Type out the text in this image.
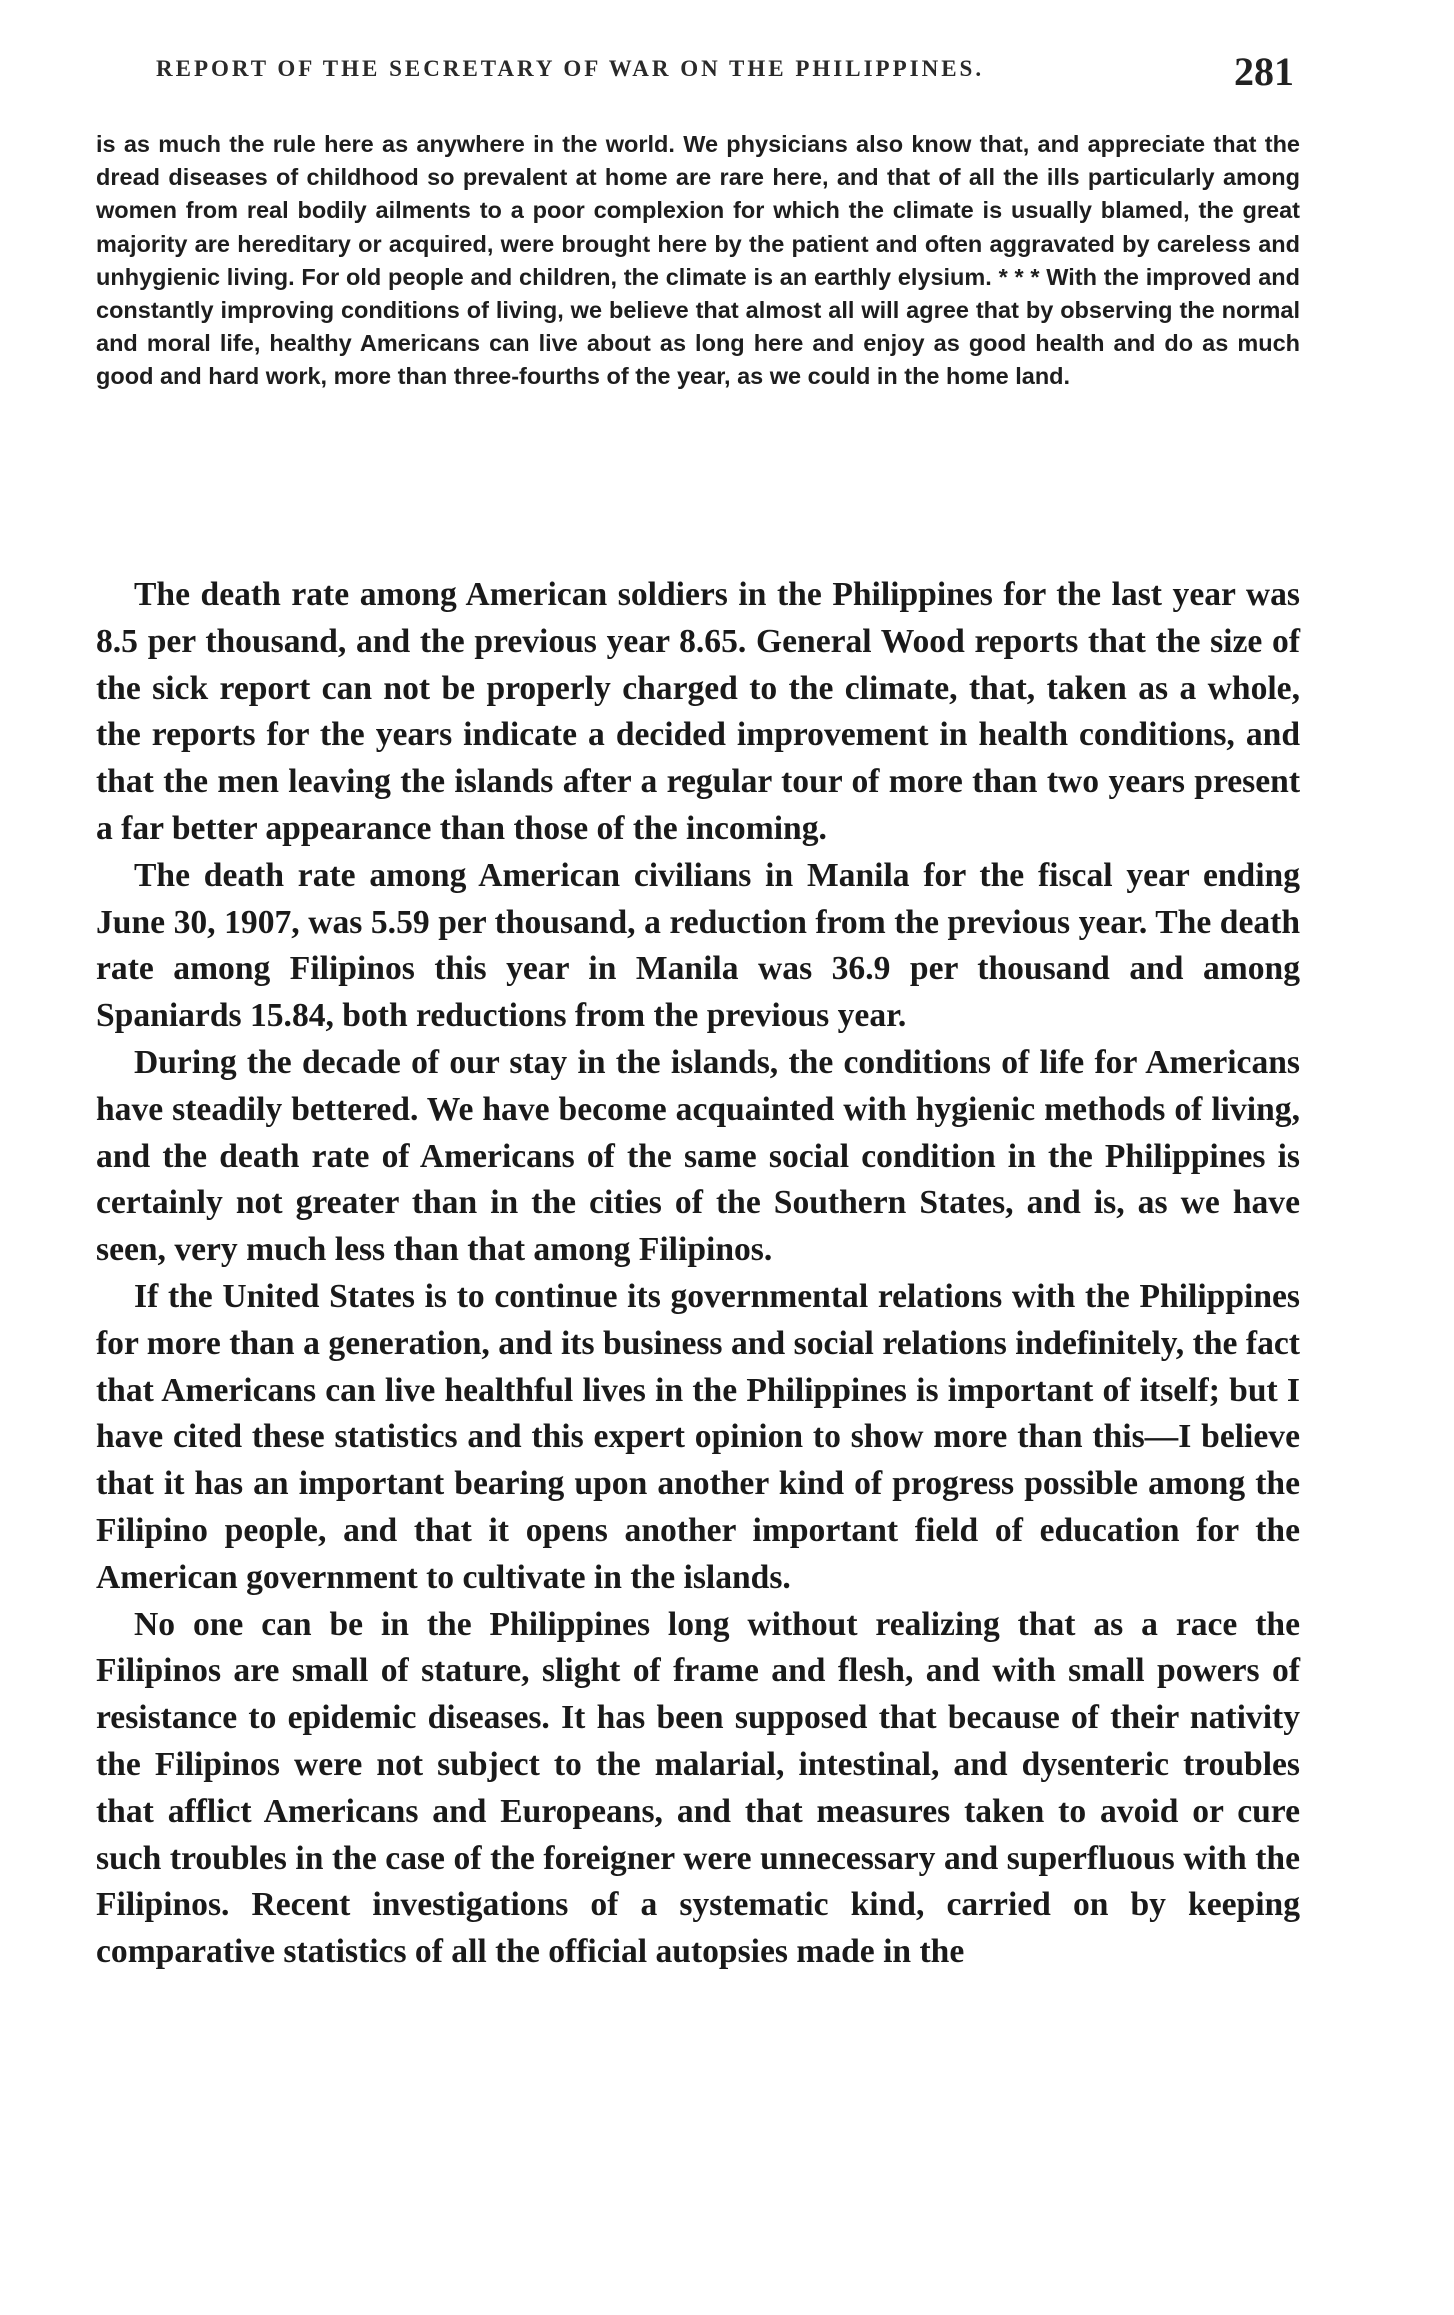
REPORT OF THE SECRETARY OF WAR ON THE PHILIPPINES.	281

is as much the rule here as anywhere in the world. We physicians also know that, and appreciate that the dread diseases of childhood so prevalent at home are rare here, and that of all the ills particularly among women from real bodily ailments to a poor complexion for which the climate is usually blamed, the great majority are hereditary or acquired, were brought here by the patient and often aggravated by careless and unhygienic living. For old people and children, the climate is an earthly elysium. * * * With the improved and constantly improving conditions of living, we believe that almost all will agree that by observing the normal and moral life, healthy Americans can live about as long here and enjoy as good health and do as much good and hard work, more than three-fourths of the year, as we could in the home land.

The death rate among American soldiers in the Philippines for the last year was 8.5 per thousand, and the previous year 8.65. General Wood reports that the size of the sick report can not be properly charged to the climate, that, taken as a whole, the reports for the years indicate a decided improvement in health conditions, and that the men leaving the islands after a regular tour of more than two years present a far better appearance than those of the incoming.

The death rate among American civilians in Manila for the fiscal year ending June 30, 1907, was 5.59 per thousand, a reduction from the previous year. The death rate among Filipinos this year in Manila was 36.9 per thousand and among Spaniards 15.84, both reductions from the previous year.

During the decade of our stay in the islands, the conditions of life for Americans have steadily bettered. We have become acquainted with hygienic methods of living, and the death rate of Americans of the same social condition in the Philippines is certainly not greater than in the cities of the Southern States, and is, as we have seen, very much less than that among Filipinos.

If the United States is to continue its governmental relations with the Philippines for more than a generation, and its business and social relations indefinitely, the fact that Americans can live healthful lives in the Philippines is important of itself; but I have cited these statistics and this expert opinion to show more than this—I believe that it has an important bearing upon another kind of progress possible among the Filipino people, and that it opens another important field of education for the American government to cultivate in the islands.

No one can be in the Philippines long without realizing that as a race the Filipinos are small of stature, slight of frame and flesh, and with small powers of resistance to epidemic diseases. It has been supposed that because of their nativity the Filipinos were not subject to the malarial, intestinal, and dysenteric troubles that afflict Americans and Europeans, and that measures taken to avoid or cure such troubles in the case of the foreigner were unnecessary and superfluous with the Filipinos. Recent investigations of a systematic kind, carried on by keeping comparative statistics of all the official autopsies made in the
